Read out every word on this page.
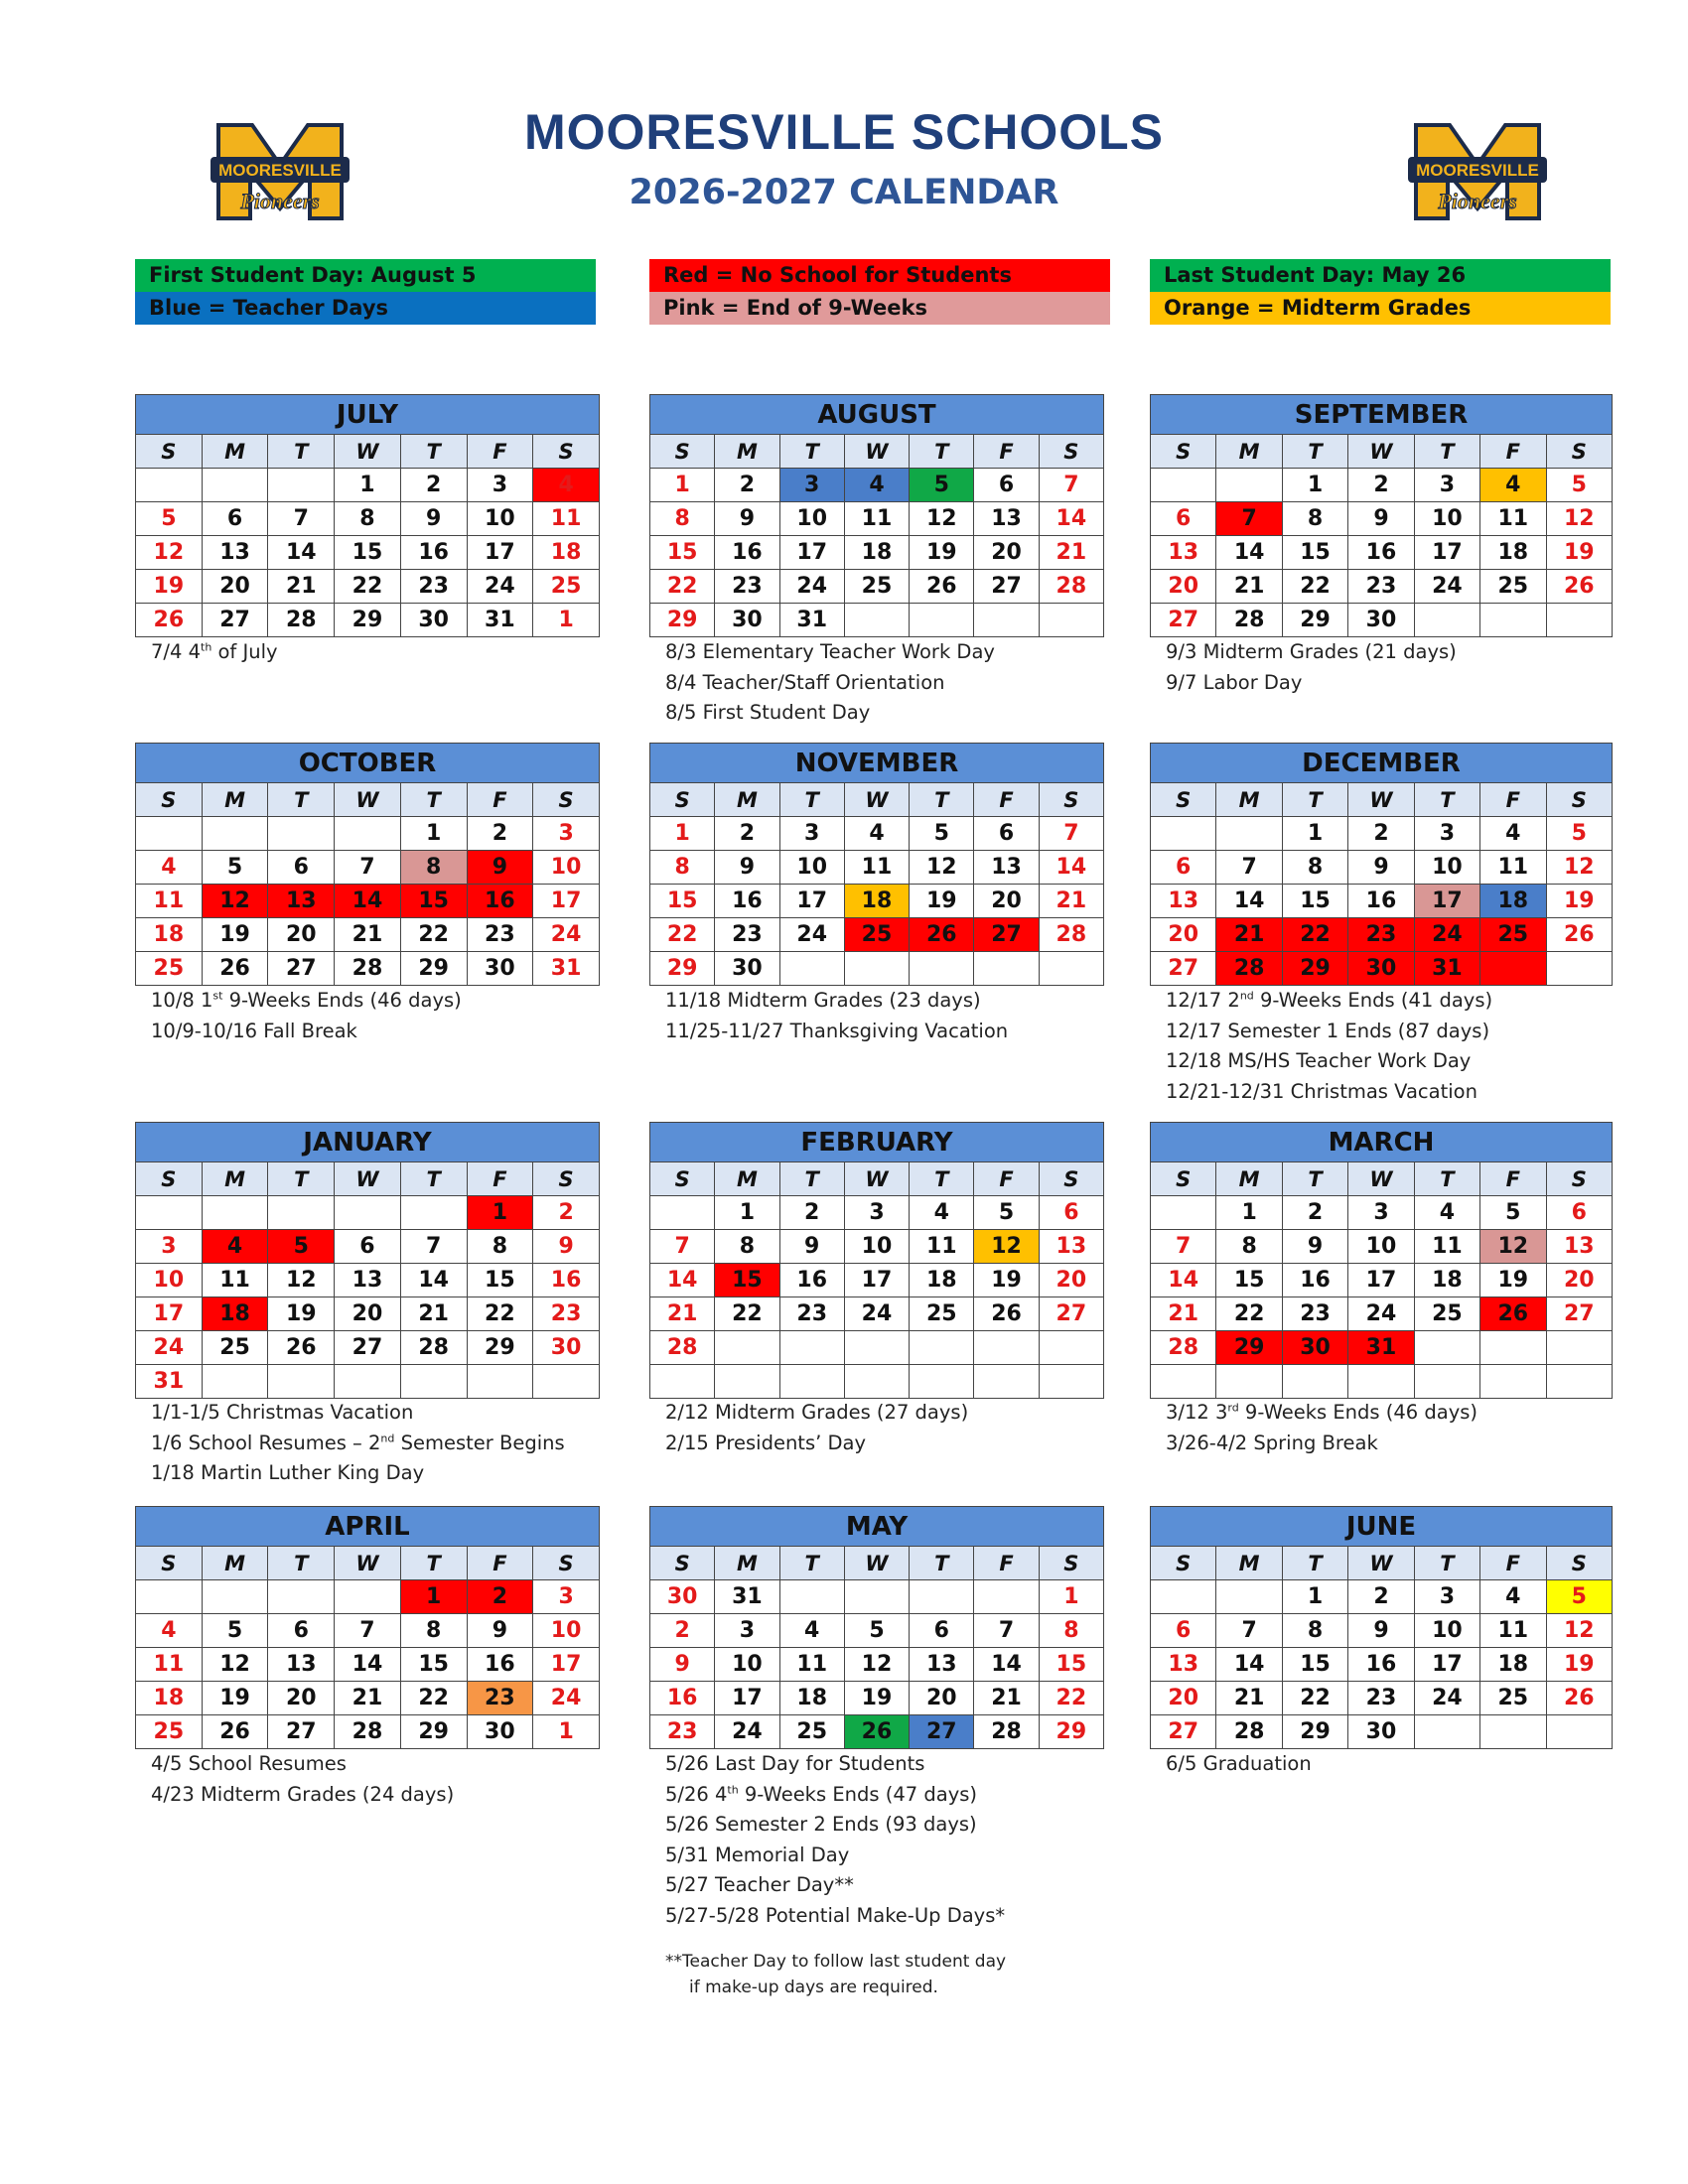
MOORESVILLE SCHOOLS
2026-2027 CALENDAR
MOORESVILLE
Pioneers
MOORESVILLE
Pioneers
First Student Day: August 5
Blue = Teacher Days
Red = No School for Students
Pink = End of 9-Weeks
Last Student Day: May 26
Orange = Midterm Grades
JULY						
S	M	T	W	T	F	S
			1	2	3	4
5	6	7	8	9	10	11
12	13	14	15	16	17	18
19	20	21	22	23	24	25
26	27	28	29	30	31	1
7/4 4th of July
AUGUST						
S	M	T	W	T	F	S
1	2	3	4	5	6	7
8	9	10	11	12	13	14
15	16	17	18	19	20	21
22	23	24	25	26	27	28
29	30	31				
8/3 Elementary Teacher Work Day
8/4 Teacher/Staff Orientation
8/5 First Student Day
SEPTEMBER						
S	M	T	W	T	F	S
		1	2	3	4	5
6	7	8	9	10	11	12
13	14	15	16	17	18	19
20	21	22	23	24	25	26
27	28	29	30			
9/3 Midterm Grades (21 days)
9/7 Labor Day
OCTOBER						
S	M	T	W	T	F	S
				1	2	3
4	5	6	7	8	9	10
11	12	13	14	15	16	17
18	19	20	21	22	23	24
25	26	27	28	29	30	31
10/8 1st 9-Weeks Ends (46 days)
10/9-10/16 Fall Break
NOVEMBER						
S	M	T	W	T	F	S
1	2	3	4	5	6	7
8	9	10	11	12	13	14
15	16	17	18	19	20	21
22	23	24	25	26	27	28
29	30					
11/18 Midterm Grades (23 days)
11/25-11/27 Thanksgiving Vacation
DECEMBER						
S	M	T	W	T	F	S
		1	2	3	4	5
6	7	8	9	10	11	12
13	14	15	16	17	18	19
20	21	22	23	24	25	26
27	28	29	30	31		
12/17 2nd 9-Weeks Ends (41 days)
12/17 Semester 1 Ends (87 days)
12/18 MS/HS Teacher Work Day
12/21-12/31 Christmas Vacation
JANUARY						
S	M	T	W	T	F	S
					1	2
3	4	5	6	7	8	9
10	11	12	13	14	15	16
17	18	19	20	21	22	23
24	25	26	27	28	29	30
31						
1/1-1/5 Christmas Vacation
1/6 School Resumes – 2nd Semester Begins
1/18 Martin Luther King Day
FEBRUARY						
S	M	T	W	T	F	S
	1	2	3	4	5	6
7	8	9	10	11	12	13
14	15	16	17	18	19	20
21	22	23	24	25	26	27
28						

2/12 Midterm Grades (27 days)
2/15 Presidents’ Day
MARCH						
S	M	T	W	T	F	S
	1	2	3	4	5	6
7	8	9	10	11	12	13
14	15	16	17	18	19	20
21	22	23	24	25	26	27
28	29	30	31			

3/12 3rd 9-Weeks Ends (46 days)
3/26-4/2 Spring Break
APRIL						
S	M	T	W	T	F	S
				1	2	3
4	5	6	7	8	9	10
11	12	13	14	15	16	17
18	19	20	21	22	23	24
25	26	27	28	29	30	1
4/5 School Resumes
4/23 Midterm Grades (24 days)
MAY						
S	M	T	W	T	F	S
30	31					1
2	3	4	5	6	7	8
9	10	11	12	13	14	15
16	17	18	19	20	21	22
23	24	25	26	27	28	29
5/26 Last Day for Students
5/26 4th 9-Weeks Ends (47 days)
5/26 Semester 2 Ends (93 days)
5/31 Memorial Day
5/27 Teacher Day**
5/27-5/28 Potential Make-Up Days*
**Teacher Day to follow last student day
if make-up days are required.
JUNE						
S	M	T	W	T	F	S
		1	2	3	4	5
6	7	8	9	10	11	12
13	14	15	16	17	18	19
20	21	22	23	24	25	26
27	28	29	30			
6/5 Graduation
